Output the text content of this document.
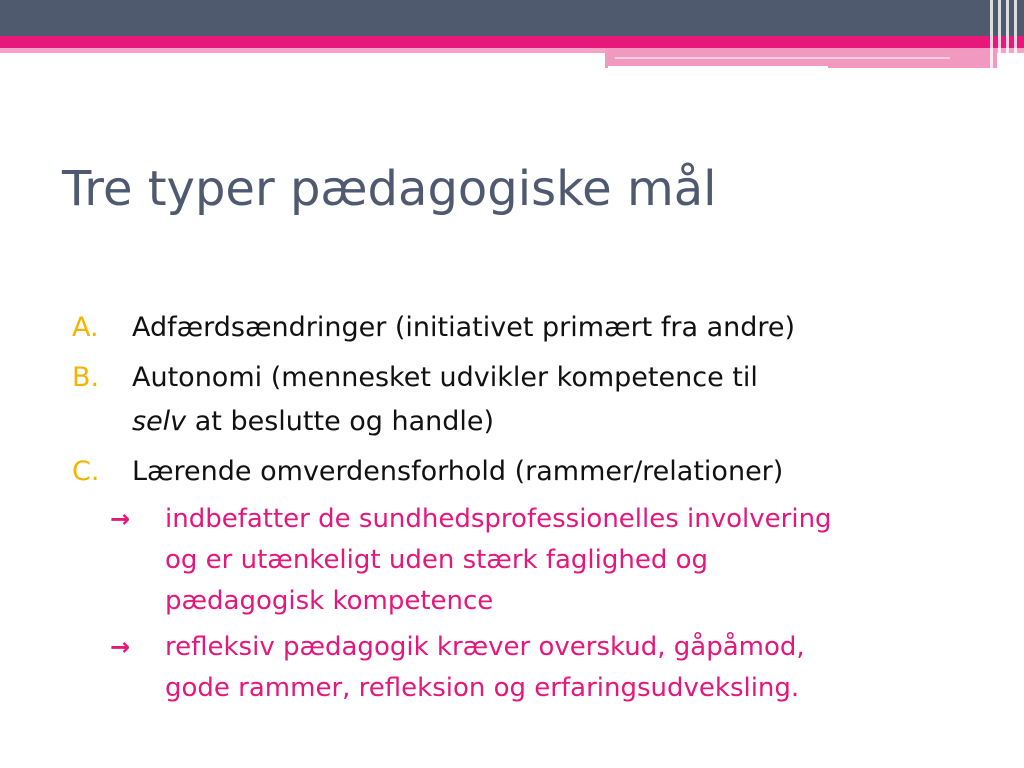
Tre typer pædagogiske mål
A. Adfærdsændringer (initiativet primært fra andre)
B. Autonomi (mennesket udvikler kompetence til
selv at beslutte og handle)
C. Lærende omverdensforhold (rammer/relationer)
→ indbefatter de sundhedsprofessionelles involvering
og er utænkeligt uden stærk faglighed og
pædagogisk kompetence
→ refleksiv pædagogik kræver overskud, gåpåmod,
gode rammer, refleksion og erfaringsudveksling.
